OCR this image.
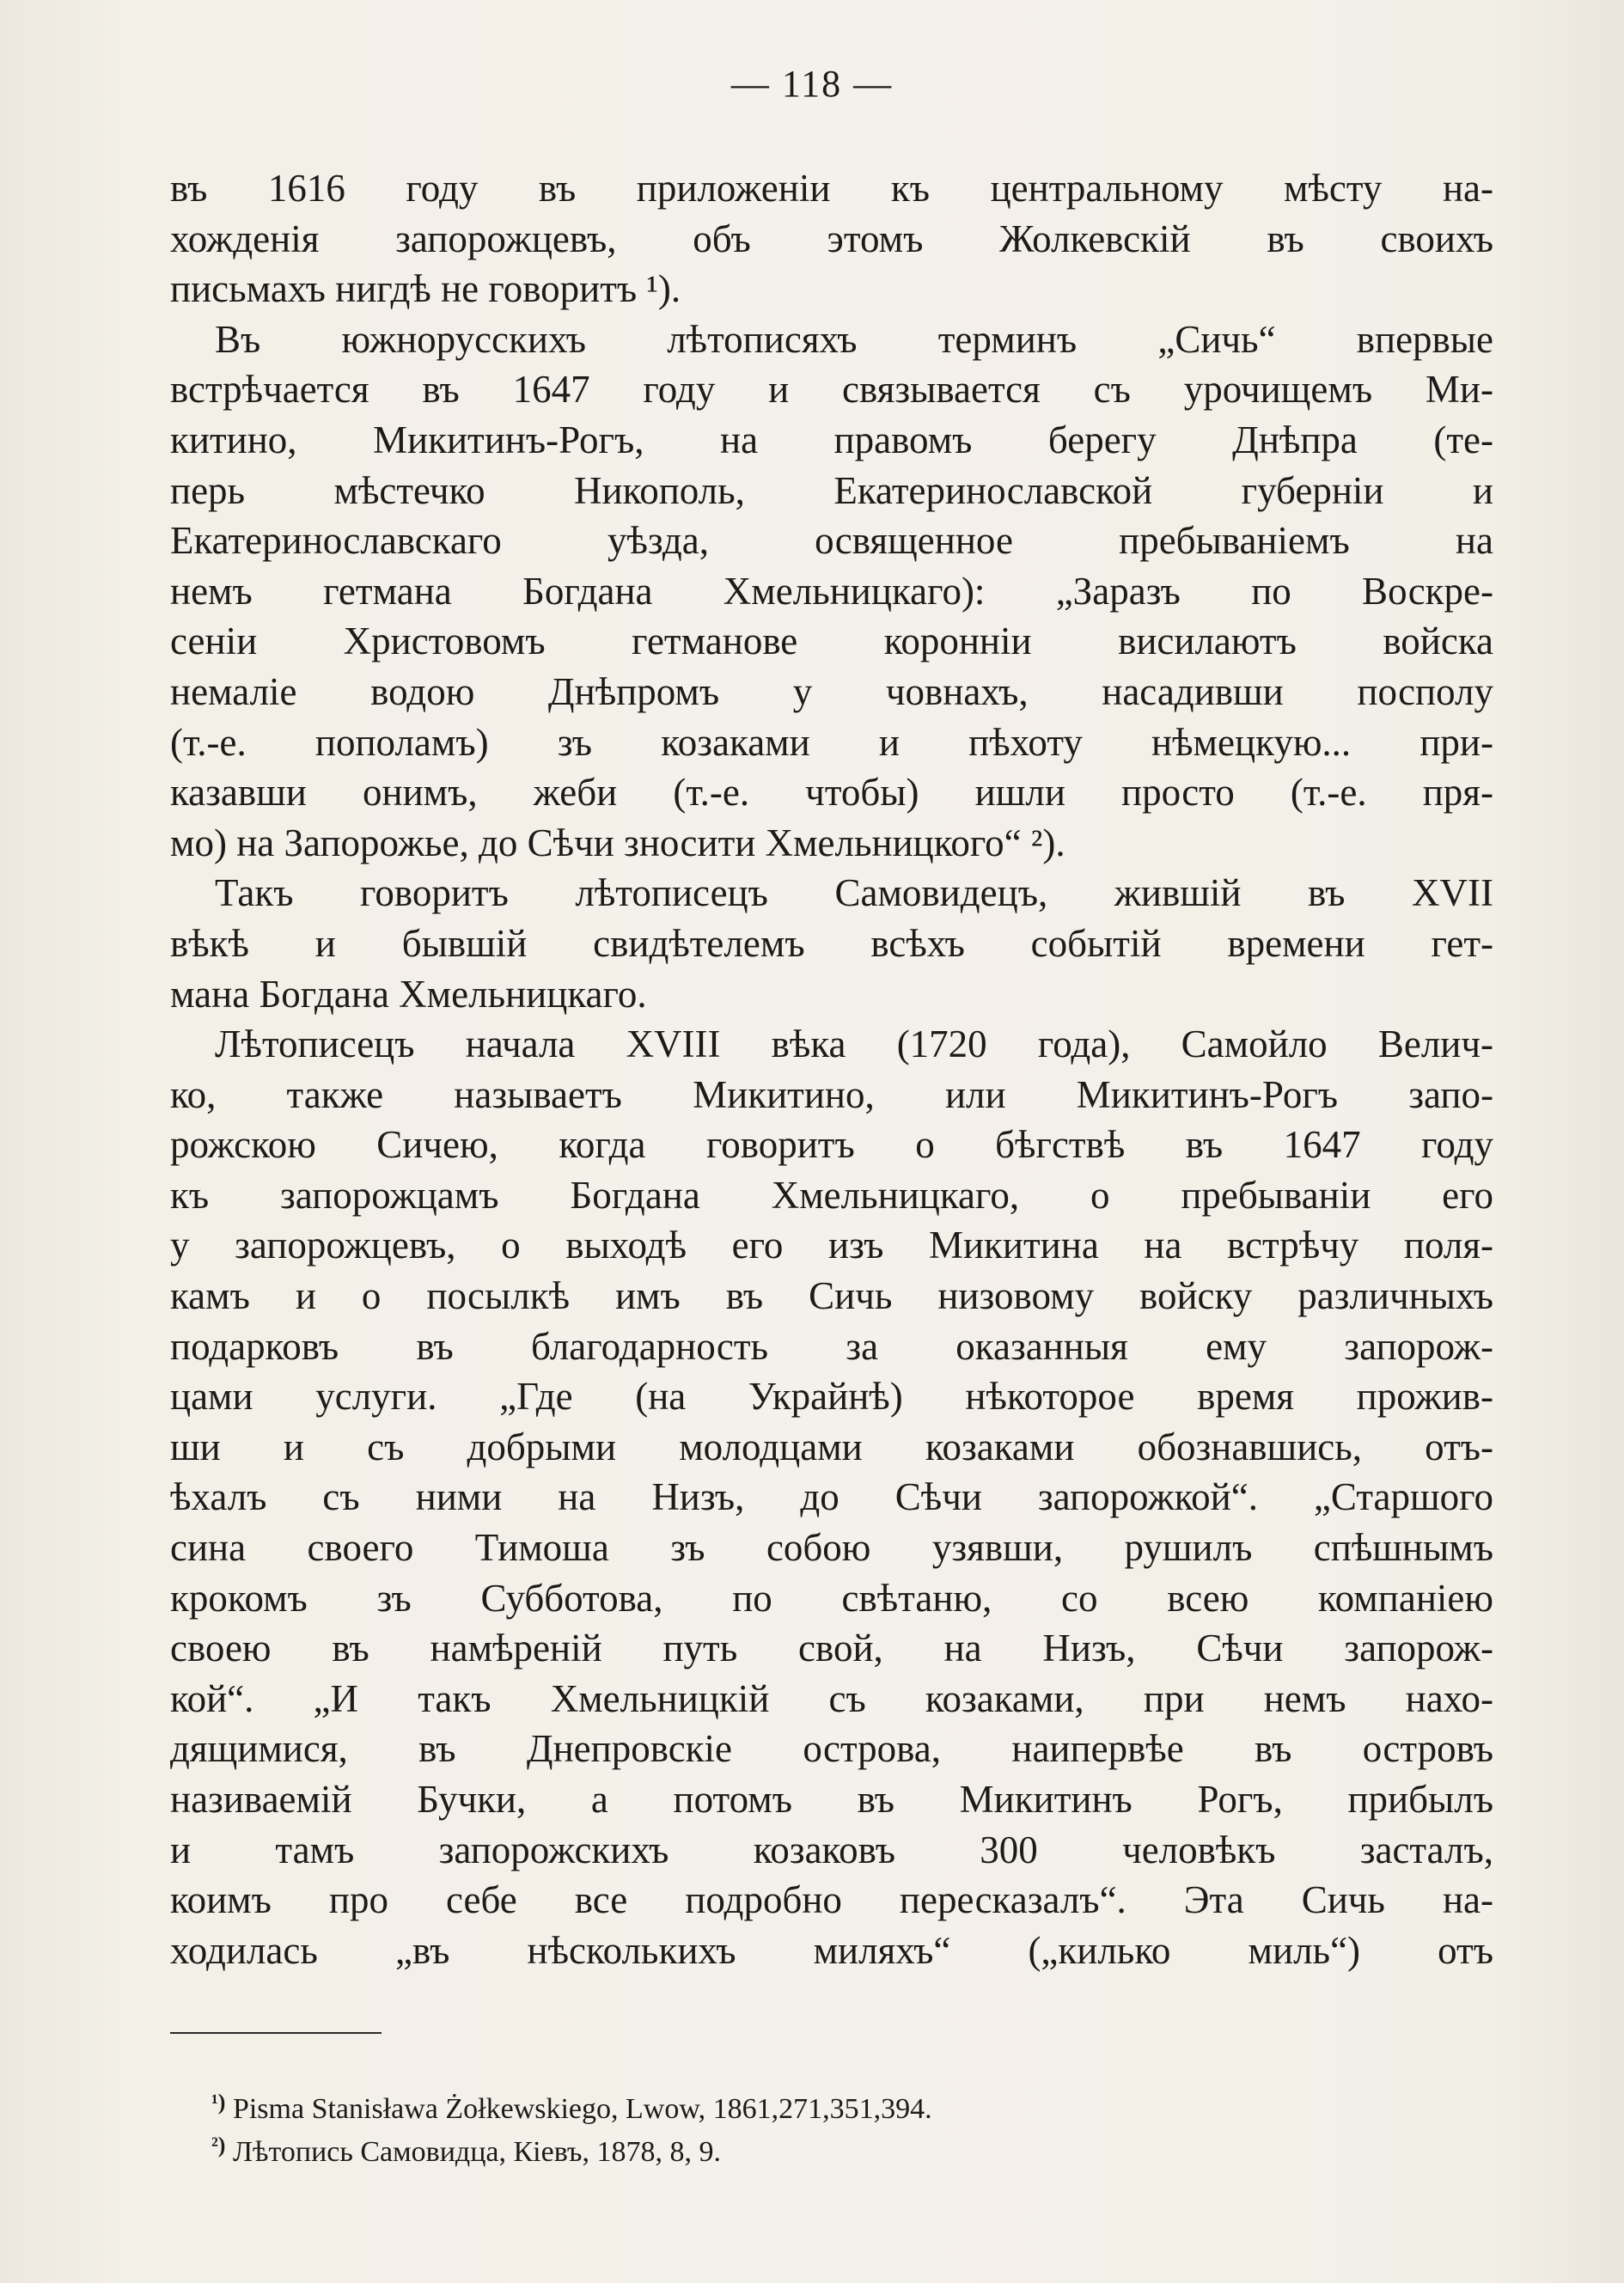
— 118 —
въ 1616 году въ приложенiи къ центральному мѣсту на-
хожденiя запорожцевъ, объ этомъ Жолкевскiй въ своихъ
письмахъ нигдѣ не говоритъ ¹).
Въ южнорусскихъ лѣтописяхъ терминъ „Сичь“ впервые
встрѣчается въ 1647 году и связывается съ урочищемъ Ми-
китино, Микитинъ-Рогъ, на правомъ берегу Днѣпра (те-
перь мѣстечко Никополь, Екатеринославской губернiи и
Екатеринославскаго уѣзда, освященное пребыванiемъ на
немъ гетмана Богдана Хмельницкаго): „Заразъ по Воскре-
сенiи Христовомъ гетманове короннiи висилаютъ войска
немалiе водою Днѣпромъ у човнахъ, насадивши посполу
(т.-е. пополамъ) зъ козаками и пѣхоту нѣмецкую... при-
казавши онимъ, жеби (т.-е. чтобы) ишли просто (т.-е. пря-
мо) на Запорожье, до Сѣчи зносити Хмельницкого“ ²).
Такъ говоритъ лѣтописецъ Самовидецъ, жившiй въ XVII
вѣкѣ и бывшiй свидѣтелемъ всѣхъ событiй времени гет-
мана Богдана Хмельницкаго.
Лѣтописецъ начала XVIII вѣка (1720 года), Самойло Велич-
ко, также называетъ Микитино, или Микитинъ-Рогъ запо-
рожскою Сичею, когда говоритъ о бѣгствѣ въ 1647 году
къ запорожцамъ Богдана Хмельницкаго, о пребыванiи его
у запорожцевъ, о выходѣ его изъ Микитина на встрѣчу поля-
камъ и о посылкѣ имъ въ Сичь низовому войску различныхъ
подарковъ въ благодарность за оказанныя ему запорож-
цами услуги. „Где (на Украйнѣ) нѣкоторое время прожив-
ши и съ добрыми молодцами козаками обознавшись, отъ-
ѣхалъ съ ними на Низъ, до Сѣчи запорожкой“. „Старшого
сина своего Тимоша зъ собою узявши, рушилъ спѣшнымъ
крокомъ зъ Субботова, по свѣтаню, со всею компанiею
своею въ намѣренiй путь свой, на Низъ, Сѣчи запорож-
кой“. „И такъ Хмельницкiй съ козаками, при немъ нахо-
дящимися, въ Днепровскiе острова, наипервѣе въ островъ
називаемiй Бучки, а потомъ въ Микитинъ Рогъ, прибылъ
и тамъ запорожскихъ козаковъ 300 человѣкъ засталъ,
коимъ про себе все подробно пересказалъ“. Эта Сичь на-
ходилась „въ нѣсколькихъ миляхъ“ („килько миль“) отъ
$^{^1)}$ Pisma Stanisława Żołkewskiego, Lwow, 1861,271,351,394.
$^{^2)}$ Лѣтопись Самовидца, Кiевъ, 1878, 8, 9.
